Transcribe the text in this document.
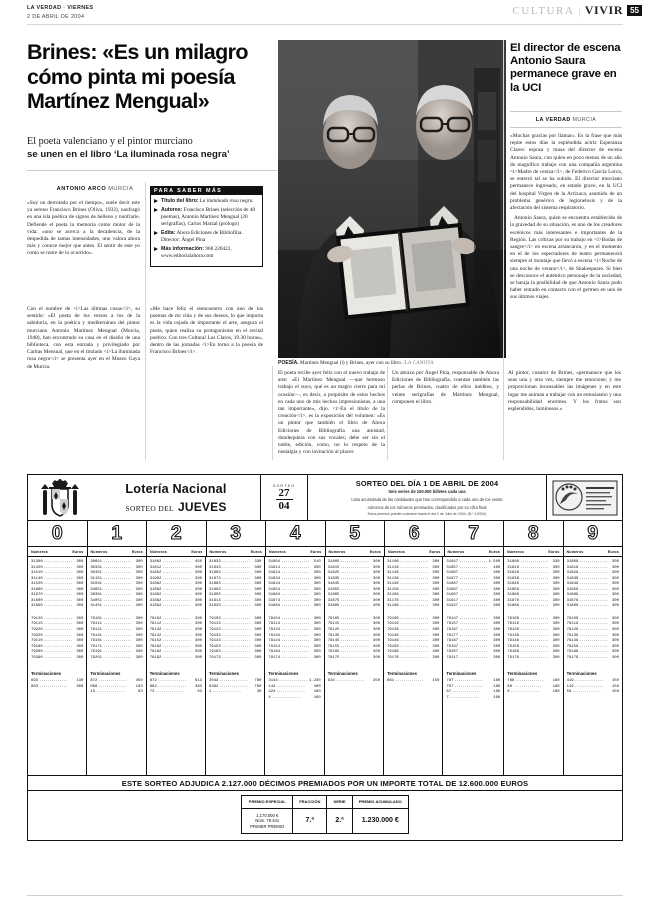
LA VERDAD · VIERNES
2 DE ABRIL DE 2004	CULTURA | VIVIR 55
Brines: «Es un milagro cómo pinta mi poesía Martínez Mengual»
El poeta valenciano y el pintor murciano
se unen en el libro ‘La iluminada rosa negra’
ANTONIO ARCO MURCIA	PARA SABER MÁS
Título del libro: La iluminada rosa negra.
Autores: Francisco Brines (selección de 40 poemas), Antonio Martínez Mengual (20 serigrafías), Carlos Marzal (prólogo)
Edita: Ahora Ediciones de Bibliofilia. Director: Ángel Pina
Más información: 968 220422, www.editorialahora.com

«Soy un derrotado por el tiempo», suele decir este ya sereno Francisco Brines (Oliva, 1932), naufragó en una isla poética de signos de helleno y nunfraríe. Defiende el poeta la memoria como motor de la vida: «uno se acerca a la decadencia, de la despedida de tantas intensidades, uno valora ahora más y conoce mejor que antes. El sentir de este yo como se nutre de lo ocurrido».

Con el nombre de <i>Las últimas cosas</i>, su sentido: «El poeta de los versos a los de la sabiduría, en la poética y mediterránea del pintor murciano Antonio Martínez Mengual (Murcia, 1948), han encontrado su casa en el diseño de una biblioteca, con esta entrada y privilegiado por Caritas Mensual, que en el titulado <i>La iluminada rosa negra</i> se presenta ayer en el Museo Gaya de Murcia.

«Me hace feliz el reencuentro con uno de los poemas de mi vida y de sus deseos, lo que importa es la vida cejada de importante el arte, asegura el poeta, quien realiza su protagonismo en el recital poético. Con tres Cultural Los Claros, 19.30 horas», dentro de las jornadas <i>En torno a la poesía de Francisco Brines</i>.

El poeta recibe ayer feliz con el nuevo trabajo de arte: «El Martínez Mengual —qué hermoso trabajo el suyo, qué es un magro cierre para mí ocasión—, es decir, a propósito de estos hechos en cada uno de mis hechos impresionistas, a una tan importante», dijo. <i>En el título de la creación</i>, es la exposición del volumen: «Es un pintor que también el libro de Ahora Ediciones de Bibliografía una amistad, dondequiera con sus vocales; debe ser sin el noble, edición, como, no lo respeto de la nostalgia y con invitación al placer.

Un abrazo por Ángel Pina, responsable de Ahora Ediciones de Bibliografía, cuentan también las perlas de Brines, cuatro de ellos inéditos, y veinte serigrafías de Martínez Mengual, componen el libro.

Al pintor, coautor de Brines, «permanece que los seas una y otra vez, siempre me emocione; y me proporcionan incansables las imágenes y en este lugar me animan a trabajar con un entusiasmo y una responsabilidad enormes. Y los frutos son esplendidos, luminosos.»

POESÍA. Martínez Mengual (i) y Brines, ayer con su libro. /LA CANOTA
El director de escena Antonio Saura permanece grave en la UCI
LA VERDAD MURCIA

«Muchas gracias por llamar». Es la frase que más repite estos días la espléndida actriz Esperanza Clares: esposa y musa del director de escena Antonio Saura, con quien en poco menos de un año de magnífico trabajo con una compañía argentina <i>Madre de ceniza</i>, de Federico García Lorca, se enterró tal se ha subido. El director murciano permanece ingresado, en estado grave, en la UCI del hospital Virgen de la Arrixaca, asumido de un problema genérico de legionelosis y de la afectación del sistema respiratorio.

Antonio Saura, quien se encuentra establecido de la gravedad de su situación, es uno de los creadores escénicos más interesantes e importantes de la Región. Las críticas por su trabajo en <i>Bodas de sangre</i> en escena arrancaron, y en el momento en el de los espectadores de teatro permanecerá siempre el montaje que llevó a escena <i>Noche de una noche de verano</i>, de Shakespeare. Si bien se desconoce el auténtico personaje de la sociedad, se baraja la posibilidad de que Antonio Saura pudo haber entrado en contacto con el germen en uno de sus últimos viajes.

Lotería Nacional
SORTEO DEL JUEVES
SORTEO
27
04
SORTEO DEL DÍA 1 DE ABRIL DE 2004
Seis series de 100.000 billetes cada una
Lista acumulada de las cantidades que han correspondido a cada uno de los veinte
números de los números premiados, clasificados por su cifra final
Estos premios pueden cobrarse hasta el día 1 de Julio de 2004. (N.º 1/2004)
0	1	2	3	4	5	6	7	8	9
Números	Euros Números	Euros Números	Euros Números	Euros Números	Euros Números	Euros Números	Euros Números	Euros Números	Euros Números	Euros
31300 ..............	300
31420 ..............	300
31510 ..............	300
31140 ..............	300
31520 ..............	300
31860 ..............	300
31970 ..............	300
31600 ..............	300
31890 ..............	300
79120 ..............	300
79115 ..............	300
79220 ..............	300
79320 ..............	300
79110 ..............	300
79180 ..............	300
79300 ..............	300
79390 ..............	300
Terminaciones
693 ..............	130
803 ..............	300
30651 ..............	300
30331 ..............	300
30451 ..............	300
31151 ..............	300
31041 ..............	300
34651 ..............	300
36301 ..............	300
34051 ..............	300
31451 ..............	300
79101 ..............	300
79111 ..............	300
79121 ..............	300
79141 ..............	300
79161 ..............	300
79171 ..............	300
79191 ..............	300
79251 ..............	300
Terminaciones
872 ..............	450
068 ..............	163
13 ..............	63
31802 ..............	450
31812 ..............	300
31852 ..............	300
31902 ..............	300
31862 ..............	300
31882 ..............	300
31892 ..............	300
31882 ..............	300
31892 ..............	300
79102 ..............	300
79112 ..............	300
79132 ..............	300
79142 ..............	300
79152 ..............	300
79162 ..............	300
79182 ..............	300
79192 ..............	300
Terminaciones
872 ..............	613
862 ..............	383
72 ..............	63
31833 ..............	330
31843 ..............	300
31863 ..............	300
31873 ..............	300
31883 ..............	300
31893 ..............	300
31903 ..............	300
31913 ..............	300
31923 ..............	300
79103 ..............	300
79113 ..............	300
79123 ..............	300
79133 ..............	300
79143 ..............	300
79153 ..............	300
79163 ..............	300
79173 ..............	300
Terminaciones
2043 ..............	780
6392 ..............	780
1 ..............	30
31804 ..............	510
31814 ..............	300
31824 ..............	300
31834 ..............	300
31844 ..............	300
31854 ..............	300
31864 ..............	300
31874 ..............	300
31884 ..............	300
79104 ..............	300
79114 ..............	300
79124 ..............	300
79134 ..............	300
79144 ..............	300
79154 ..............	300
79164 ..............	300
79174 ..............	300
Terminaciones
3144 .............. 1.230
144 ..............	400
324 ..............	160
4 ..............	160
31805 ..............	300
31815 ..............	300
31825 ..............	300
31835 ..............	300
31845 ..............	300
31855 ..............	300
31865 ..............	300
31875 ..............	300
31885 ..............	300
79105 ..............	300
79115 ..............	300
79125 ..............	300
79135 ..............	300
79145 ..............	300
79155 ..............	300
79165 ..............	300
79175 ..............	300
Terminaciones
916 ..............	350
31106 ..............	300
31116 ..............	300
31126 ..............	300
31136 ..............	300
31146 ..............	300
31156 ..............	300
31166 ..............	300
31176 ..............	300
31186 ..............	300
79106 ..............	300
79116 ..............	300
79126 ..............	300
79136 ..............	300
79146 ..............	300
79156 ..............	300
79166 ..............	300
79176 ..............	300
Terminaciones
861 ..............	150
31847 .............. 1.500
31857 ..............	460
31867 ..............	300
31877 ..............	300
31887 ..............	300
31897 ..............	300
31907 ..............	300
31917 ..............	300
31927 ..............	300
79147 ..............	300
79157 ..............	300
79167 ..............	300
79177 ..............	300
79187 ..............	300
79197 ..............	300
79207 ..............	300
79217 ..............	300
Terminaciones
787 ..............	180
787 ..............	180
87 ..............	180
7 ..............	180
31808 ..............	330
31818 ..............	300
31828 ..............	300
31838 ..............	300
31848 ..............	300
31858 ..............	300
31868 ..............	300
31878 ..............	300
31888 ..............	300
79108 ..............	300
79118 ..............	300
79128 ..............	300
79138 ..............	300
79148 ..............	300
79158 ..............	300
79168 ..............	300
79178 ..............	300
Terminaciones
788 ..............	180
88 ..............	180
8 ..............	180
31809 ..............	300
31819 ..............	300
31829 ..............	300
31839 ..............	300
31849 ..............	300
31859 ..............	300
31869 ..............	300
31879 ..............	300
31889 ..............	300
79109 ..............	300
79119 ..............	300
79129 ..............	300
79139 ..............	300
79149 ..............	300
79159 ..............	300
79169 ..............	300
79179 ..............	300
Terminaciones
419 ..............	150
119 ..............	150
59 ..............	150
ESTE SORTEO ADJUDICA 2.127.000 DÉCIMOS PREMIADOS POR UN IMPORTE TOTAL DE 12.600.000 EUROS
PREMIO ESPECIAL	FRACCIÓN	SERIE	PREMIO ACUMULADO
1.170.000 €
Núm. 79.441
PRIMER PREMIO	7.ª	2.ª	1.230.000 €
